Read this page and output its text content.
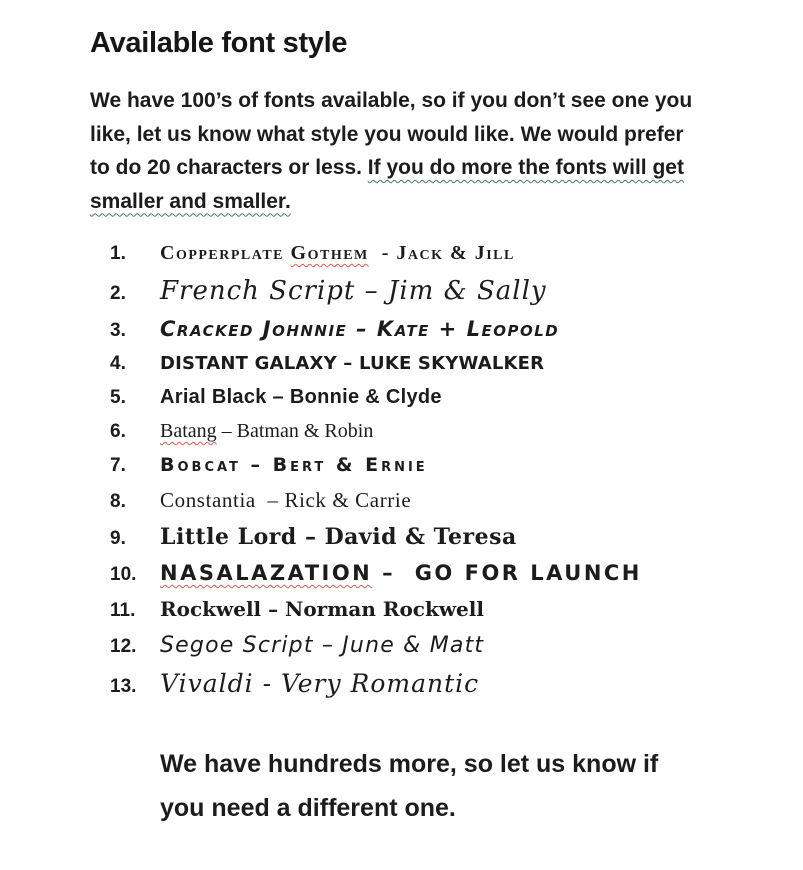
Available font style

We have 100’s of fonts available, so if you don’t see one you
like, let us know what style you would like. We would prefer
to do 20 characters or less. If you do more the fonts will get
smaller and smaller.

1.	Copperplate Gothem  - Jack & Jill
2.	French Script – Jim & Sally
3.	Cracked Johnnie – Kate + Leopold
4.	DISTANT GALAXY – LUKE SKYWALKER
5.	Arial Black – Bonnie & Clyde
6.	Batang – Batman & Robin
7.	Bobcat – Bert & Ernie
8.	Constantia  – Rick & Carrie
9.	Little Lord – David & Teresa
10.	NASALAZATION –  GO FOR LAUNCH
11.	Rockwell – Norman Rockwell
12.	Segoe Script – June & Matt
13. Vivaldi - Very Romantic

We have hundreds more, so let us know if
you need a different one.
